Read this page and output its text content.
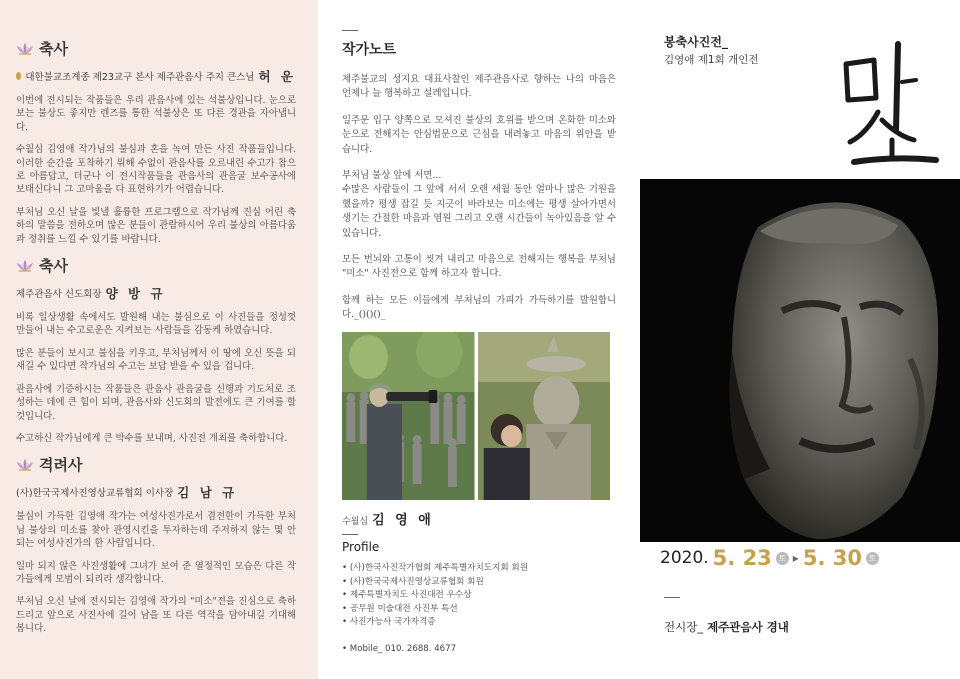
축사
대한불교조계종 제23교구 본사 제주관음사 주지 큰스님 허 운

이번에 전시되는 작품들은 우리 관음사에 있는 석불상입니다. 눈으로 보는 불상도 좋지만 렌즈를 통한 석불상은 또 다른 경관을 자아냅니다.

수월심 김영애 작가님의 불심과 혼을 녹여 만든 사진 작품들입니다. 이러한 순간을 포착하기 위해 수없이 관음사를 오르내린 수고가 참으로 아름답고, 더군나 이 전시작품들을 관음사의 관음굴 보수공사에 보태신다니 그 고마움을 다 표현하기가 어렵습니다.

부처님 오신 날을 빛낼 훌륭한 프로그램으로 작가님께 진심 어린 축하의 말씀을 전하오며 많은 분들이 관람하시어 우리 불상의 아름다움과 정취를 느낄 수 있기를 바랍니다.

축사
제주관음사 신도회장 양 방 규

비록 일상생활 속에서도 발원해 내는 불심으로 이 사진들을 정성껏 만들어 내는 수고로운은 지켜보는 사람들을 감동케 하였습니다.

많은 분들이 보시고 불심을 키우고, 부처님께서 이 땅에 오신 뜻을 되새길 수 있다면 작가님의 수고는 보답 받을 수 있을 겁니다.

관음사에 기증하시는 작품들은 관음사 관음굴을 신행과 기도처로 조성하는 데에 큰 힘이 되며, 관음사와 신도회의 발전에도 큰 기여를 할 것입니다.

수고하신 작가님에게 큰 박수를 보내며, 사진전 개최를 축하합니다.

격려사
(사)한국국제사진영상교류협회 이사장 김 남 규

불심이 가득한 김영애 작가는 여성사진가로서 겸전한이 가득한 부처님 불상의 미소를 찾아 관영시킨을 투자하는데 주저하지 않는 몇 안되는 여성사진가의 한 사람입니다.

일마 되지 않은 사진생활에 그녀가 보여 준 열정적인 모습은 다른 작가들에게 모범이 되리라 생각합니다.

부처님 오신 날에 전시되는 김영애 작가의 "미소"전을 진심으로 축하드리고 앞으로 사진사에 길이 남을 또 다른 역작을 담아내길 기대해 봅니다.

작가노트

제주불교의 성지요 대표사찰인 제주관음사로 향하는 나의 마음은 언제나 늘 행복하고 설레입니다.

일주문 입구 양쪽으로 모셔진 불상의 호위를 받으며 온화한 미소와 눈으로 전해지는 안심법문으로 근심을 내려놓고 마음의 위안을 받습니다.

부처님 불상 앞에 서면...
수많은 사람들이 그 앞에 서서 오랜 세월 동안 얼마나 많은 기원을 했을까? 평생 잡길 듯 지긋이 바라보는 미소에는 평생 살아가면서 생기는 간절한 마음과 염원 그리고 오랜 시간들이 녹아있음을 알 수 있습니다.

모든 번뇌와 고통이 씻겨 내리고 마음으로 전해지는 행복을 부처님 "미소" 사진전으로 함께 하고자 합니다.

함께 하는 모든 이들에게 부처님의 가피가 가득하기를 발원합니다._()()()_

수월심 김 영 애
Profile
• (사)한국사진작가협회 제주특별자치도지회 회원
• (사)한국국제사진영상교류협회 회원
• 제주특별자치도 사진대전 우수상
• 공무원 미술대전 사진부 특선
• 사진가능사 국가자격증
• Mobile_ 010. 2688. 4677
봉축사진전_
김영애 제1회 개인전
2020. 5. 23 토 ▸ 5. 30 토
전시장_ 제주관음사 경내
